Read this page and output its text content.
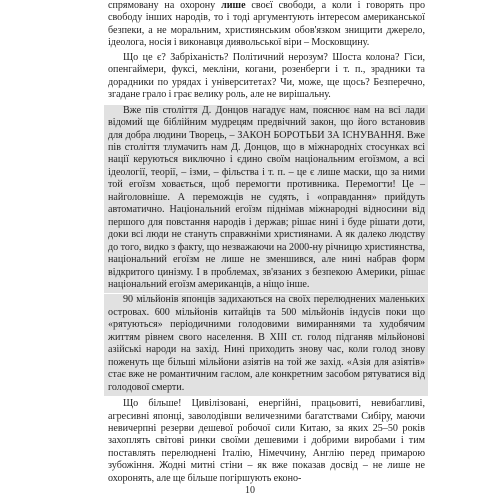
спрямовану на охорону лише своєї свободи, а коли і говорять про свободу інших народів, то і тоді аргументують інтересом американської безпеки, а не моральним, християнським обов'язком знищити джерело, ідеолога, носія і виконавця диявольської віри – Московщину.

Що це є? Забріханість? Політичний нерозум? Шоста колона? Гіси, опенгаймери, фуксі, мекліни, когани, розенберги і т. п., зрадники та дорадники по урядах і університетах? Чи, може, ще щось? Безперечно, згадане грало і грає велику роль, але не вирішальну.

Вже пів століття Д. Донцов нагадує нам, пояснює нам на всі лади відомий ще біблійним мудрецям предвічний закон, що його встановив для добра людини Творець, – ЗАКОН БОРОТЬБИ ЗА ІСНУВАННЯ. Вже пів століття тлумачить нам Д. Донцов, що в міжнародніх стосунках всі нації керуються виключно і єдино своїм національним егоїзмом, а всі ідеології, теорії, – ізми, – фільства і т. п. – це є лише маски, що за ними той егоїзм ховається, щоб перемогти противника. Перемогти! Це – найголовніше. А переможців не судять, і «оправдання» прийдуть автоматично. Національний егоїзм піднімав міжнародні відносини від першого для повстання народів і держав; рішає нині і буде рішати доти, доки всі люди не стануть справжніми християнами. А як далеко людству до того, видко з факту, що незважаючи на 2000-ну річницю християнства, національний егоїзм не лише не зменшився, але нині набрав форм відкритого цинізму. І в проблемах, зв'язаних з безпекою Америки, рішає національний егоїзм американців, а ніщо інше.

90 мільйонів японців задихаються на своїх перелюднених маленьких островах. 600 мільйонів китайців та 500 мільйонів індусів поки що «рятуються» періодичними голодовими вимираннями та худобячим життям рівнем свого населення. В ХІІІ ст. голод підганяв мільйонові азійські народи на захід. Нині приходить знову час, коли голод знову поженуть ще більші мільйони азіятів на той же захід. «Азія для азіятів» стає вже не романтичним гаслом, але конкретним засобом рятуватися від голодової смерти.

Що більше! Цивілізовані, енергійні, працьовиті, невибагливі, агресивні японці, заволодівши величезними багатствами Сибіру, маючи невичерпні резерви дешевої робочої сили Китаю, за яких 25–50 років захоплять світові ринки своїми дешевими і добрими виробами і тим поставлять перелюднені Італію, Німеччину, Англію перед примарою зубожіння. Жодні митні стіни – як вже показав досвід – не лише не охоронять, але ще більше погіршують еконо-

10
